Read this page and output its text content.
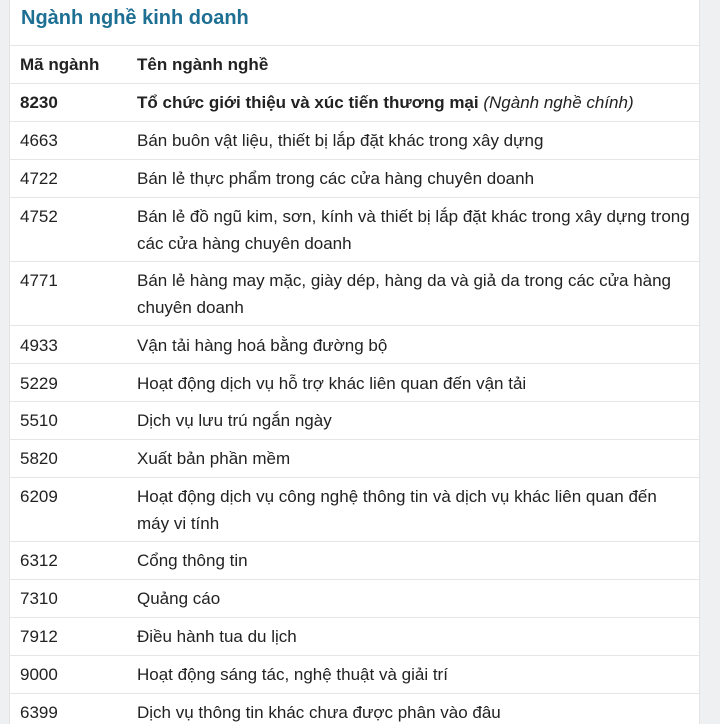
Ngành nghề kinh doanh
Mã ngành	Tên ngành nghề
8230	Tổ chức giới thiệu và xúc tiến thương mại (Ngành nghề chính)
4663	Bán buôn vật liệu, thiết bị lắp đặt khác trong xây dựng
4722	Bán lẻ thực phẩm trong các cửa hàng chuyên doanh
4752	Bán lẻ đồ ngũ kim, sơn, kính và thiết bị lắp đặt khác trong xây dựng trong các cửa hàng chuyên doanh
4771	Bán lẻ hàng may mặc, giày dép, hàng da và giả da trong các cửa hàng chuyên doanh
4933	Vận tải hàng hoá bằng đường bộ
5229	Hoạt động dịch vụ hỗ trợ khác liên quan đến vận tải
5510	Dịch vụ lưu trú ngắn ngày
5820	Xuất bản phần mềm
6209	Hoạt động dịch vụ công nghệ thông tin và dịch vụ khác liên quan đến máy vi tính
6312	Cổng thông tin
7310	Quảng cáo
7912	Điều hành tua du lịch
9000	Hoạt động sáng tác, nghệ thuật và giải trí
6399	Dịch vụ thông tin khác chưa được phân vào đâu
